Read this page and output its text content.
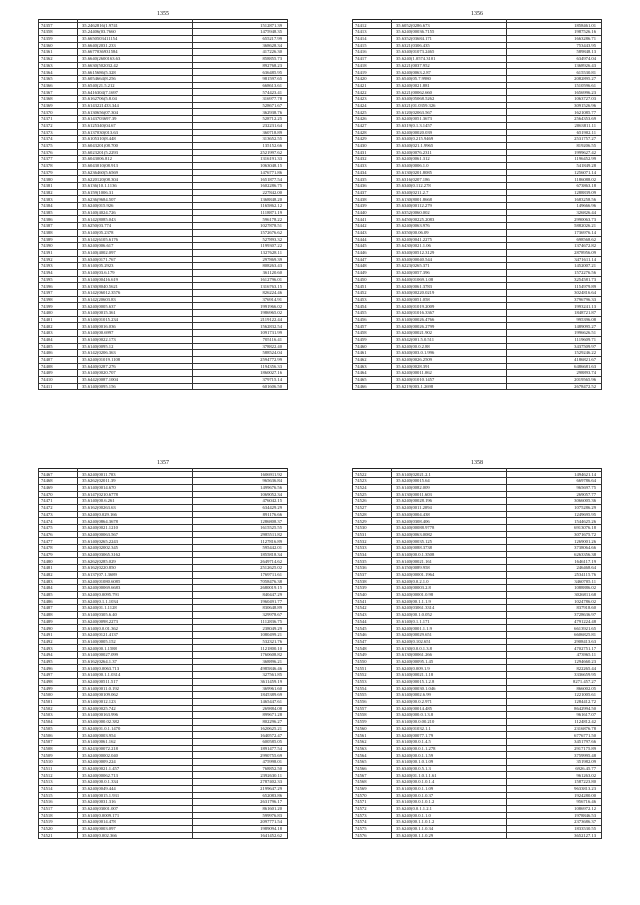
1355

74357	35.2462816(1.9741	1512871.39
74358	35.24406(03.7660	1475948.35
74359	35.6650503411154	655217.99
74360	35.6640(2031.233	368628.34
74361	35.6677036931584	417226.30
74362	35.6640(2600163.63	858855.73
74363	35.6630(502032.42	892768.23
74364	35.6615686(5.328	636485.95
74365	35.6054664(8.256	981597.65
74366	35.6540(21.5.212	668613.61
74367	35.6416304(7.1697	574423.41
74368	35.6162706(5.8.04	316977.78
74369	35.6143221433.344	528671.67
74370	35.6130656(07.304	362938.76
74371	35.6143703697.39	528712.25
74372	35.6125340(04.67	232231.64
74373	35.6137030(013.63	360718.89
74374	35.6105310(8.448	313652.55
74375	35.6043201(08.700	135152.66
74376	35.6023201(5.2293	2521997.62
74377	35.6043006.812	1316191.33
74378	35.6043010(08.913	1063048.15
74379	35.6236460(5.6569	1476771.86
74380	35.6220120(08.304	1651877.54
74381	35.6136(10.1.1136	1602286.75
74382	35.6159(1006.31	227842.00
74383	35.6236(9684.507	1368848.20
74384	35.6240(015.926	1165862.12
74385	35.6140(4024.726	1118871.19
74386	35.6142(8085.043	596178.22
74387	35.6250(03.774	1027878.51
74388	35.6140(05.2378	1572676.62
74389	35.6142(6105.6176	527893.32
74390	35.6240(006.617	1199307.22
74391	35.6140(4002.097	1327628.11
74392	35.6340(0171.767	297869.39
74393	35.6140(05.2923	808263.43
74394	35.6140(03.6.179	361120.60
74395	35.6140(00416.619	1612796.01
74396	35.6130(8040.5621	1316763.15
74397	35.6142(06012.3576	826224.46
74398	35.6142(20603.83	376914.91
74399	35.6240(0005.637	1991966.02
74400	35.6140(0015.361	1986965.02
74401	35.6140(01015.234	2119122.44
74402	35.6140(0016.036	1562832.54
74403	35.6140(00.6997	1091731.99
74404	35.6140(0022.173	705116.41
74405	35.6140(0095.12	378822.40
74406	35.6142(0206.363	588524.04
74407	35.6240(01019.1108	2594772.99
74408	35.6440(0287.276	1194356.33
74409	35.6140(0020.707	1860027.16
74410	35.6442(0087.1004	379715.14
74411	35.6140(0095.156	601606.50
1356

74412	35.6052(0286.673	1858461.01
74413	35.6240(00036.7155	1987526.16
74414	35.6352(03684.171	1663286.71
74415	35.6321(0306.435	753443.95
74416	35.6340(01073.2465	589848.13
74417	35.6240(1.0574.3101	634974.04
74418	35.6221(0037.952	1368926.43
74419	35.6240(0063.2.87	615530.81
74420	35.6540(05.7.9980	2082895.27
74421	35.6240(0021.881	1510596.61
74422	35.6221(00062.660	1656996.23
74423	35.6340(05068.5262	1063727.03
74424	35.6321(01.0359.326	3091526.96
74425	35.6120(02063.567	1621085.77
74426	35.6240(0051.3673	2564353.69
74427	35.6319(0.1.3.1457	2063811.11
74428	35.6240(00020.039	651902.11
74429	35.6340(0.215.9469	2531757.27
74430	35.6340(021.1.9965	819206.55
74431	35.6240(0076.2311	1999627.42
74432	35.6240(0061.312	1196452.99
74433	35.6340(0006.1.0	541849.28
74434	35.6130(0201.8085	1256071.14
74435	35.6316(0207.186	1186088.02
74436	35.6340(0.112.278	673863.18
74437	35.6340(0211.2.7	1288839.09
74438	35.6130(8001.8668	1683258.56
74439	35.6340(00112.279	149666.96
74440	35.6352(0060.002	326826.44
74441	35.6450(00225.2083	2990063.73
74442	35.6240(0063.976	5882026.21
74443	35.6350(00.06.09	1736976.14
74444	35.6240(0041.2275	698568.62
74445	35.6430(0021.1.06	1374672.82
74446	35.6340(00512.3129	2878956.09
74447	35.6340(00040.544	3471611.14
74448	35.6223(0265.371	1452007.21
74449	35.6240(0057.396	1572276.56
74450	35.6440(01069.1.08	3254581.73
74451	35.6240(0061.3783	1154979.89
74452	35.6340(00220.0219	3024816.64
74453	35.6240(0051.058	3796796.33
74454	35.6240(01019.2009	1993241.13
74455	35.6240(01016.3367	1848721.87
74456	35.6140(00026.4766	995396.08
74457	35.6240(00026.2799	1489095.27
74458	35.6240(00021.902	1996626.51
74459	35.6342(001.5.0.511	1119609.71
74460	35.6240(00.0.2.88	3437509.97
74461	35.6340(003.0.1.996	1529246.22
74462	35.6240(0026.2509	4186821.67
74463	35.6240(0028.391	6486681.63
74464	35.6240(00011.062	298893.74
74465	35.6240(01010.1457	2019565.96
74466	35.6219(003.1.2698	2678472.52
1357

74467	35.6240(0011.703	1606911.92
74468	35.6262(02011.39	965636.84
74469	35.6140(0014.670	1499676.56
74470	35.6147(0210.6778	1069052.34
74471	35.6140(00.6.261	476042.15
74472	35.6162(00263.63	634429.29
74473	35.6240(0.029.166	891176.66
74474	35.6240(0864.3678	1286808.37
74475	35.6240(0021.1210	1615525.55
74476	35.6240(00063.567	2985511.82
74477	35.6140(0265.2243	1127816.89
74478	35.6240(02002.345	595442.01
74479	35.6240(03065.3162	1855818.34
74480	35.6262(0285.029	2649714.62
74481	35.6162(0220.850	2512625.02
74482	35.6137(07.1.3689	1769711.61
74483	35.6240(01080.6085	7058476.38
74484	35.6240(00069.6683	2680019.15
74485	35.6240(0.0095.791	840447.29
74486	35.6240(0.1.1.1034	1960491.77
74487	35.6240(01.1.1128	830648.89
74488	35.6140(0305.6.40	329978.67
74489	35.6240(0098.2273	1112836.75
74490	35.6140(0.0.01.362	238049.29
74491	35.6240(0121.4137	1080499.21
74492	35.6140(0005.152	532321.76
74493	35.6240(00.1.1588	1121800.10
74494	35.6140(00027.099	1760608.82
74495	35.6162(0264.1.37	368896.21
74496	35.6140(0.0063.713	4985846.46
74497	35.6140(00.1.1.0314	327561.85
74498	35.6240(00511.517	3611459.19
74499	35.6140(0011.0.192	369961.60
74500	35.6240(00109.062	1845389.69
74501	35.6140(0012.123	1465447.61
74502	35.6240(0025.742	269884.08
74503	35.6140(00163.996	899671.28
74504	35.6340(000.02.382	802296.27
74505	35.6240(01.0.1.1470	1620625.21
74506	35.6240(0003.954	1640572.47
74507	35.6140(0061.162	600585.05
74508	35.6243(00072.218	1891477.54
74509	35.6240(00002.040	2990755.69
74510	35.6240(0009.224	475998.01
74511	35.6240(0021.1.457	768852.50
74512	35.6240(00062.713	2392630.11
74513	35.6240(00.0.1.334	2787402.33
74514	35.6240(0049.444	2199647.29
74515	35.6140(0015.1.931	652083.86
74516	35.6240(0031.316	2631796.17
74517	35.6240(03001.007	861601.20
74518	35.6140(0.0009.171	599976.83
74519	35.6240(0014.478	2097771.54
74520	35.6240(0003.097	1989094.18
74521	35.6240(0.002.366	1641452.62
1358

74522	35.6140(02021.2.1	1494621.14
74523	35.6240(00015.64	669786.64
74524	35.6140(0082.009	965697.75
74525	35.6130(00011.603	269057.77
74526	35.6240(00028.196	3066005.36
74527	35.6240(0011.2094	1075286.29
74528	35.6340(0004.438	1249695.95
74529	35.6240(0308.406	1544625.26
74530	35.6240(00088.9778	6913076.18
74531	35.6240(0063.0082	3071675.72
74532	35.6240(00035.125	1269001.26
74533	35.6240(0088.3738	3738064.66
74534	35.6140(00.0.1.3508	6263356.38
74535	35.6140(00021.161	1646117.19
74536	35.6150(0089.958	246468.64
74537	35.6240(00001.1964	2534115.76
74538	35.6240(0.0.2.1.0	3460705.11
74539	35.6240(00003.2.8	1088886.02
74540	35.6240(00001.0.98	3026811.68
74541	35.6240(00.1.1.1.9	1024786.02
74542	35.6240(03061.3314	837918.60
74543	35.6240(00.1.0.052	3728636.97
74544	35.6140(0.1.1.171	4791224.48
74545	35.6240(0001.1.1.9	6613921.65
74546	35.6240(00029.651	6606825.81
74547	35.6240(0.102.651	2908413.63
74548	35.6130(0.0.0.1.3.8	4702751.17
74549	35.6130(00061.266	473965.11
74550	35.6240(00095.1.45	1294660.23
74551	35.6240(0.009.1.9	822265.44
74552	35.6140(00021.1.18	3336659.95
74553	35.6240(00015.1.2.8	8271.457.27
74554	35.6240(00030.1.046	866002.05
74555	35.6140(0002.6.99	1221005.61
74556	35.6240(00.0.2.971	1284412.72
74557	35.6240(00014.485	8642994.50
74558	35.6240(000.0.1.3.8	961617.07
74559	35.6140(00.0.00.210	1124812.42
74560	35.6240(01032.1.1	2316876.78
74561	35.6240(00077.1.79	6776771.50
74562	35.6140(00.0.1.4.5	3451797.66
74563	35.6240(00.0.1.1.278	2917175.89
74564	35.6240(00.0.1.1.59	3759995.48
74565	35.6140(00.1.0.1.09	351982.09
74566	35.6340(00.0.5.1.3	6926.45.77
74567	35.6240(01.1.0.1.1.61	961263.02
74568	35.6240(00.0.1.0.1.4	1587223.80
74569	35.6140(00.0.1.1.09	9633813.23
74570	35.6240(00.0.1.0.37	1924280.00
74571	35.6140(00.0.1.0.1.2	956716.46
74572	35.6240(0.0.1.1.2.1	1086972.12
74573	35.6240(00.0.1.1.0	1978846.53
74574	35.6240(00.1.1.0.1.2	2373686.37
74575	35.6240(00.1.1.0.34	1833530.55
74576	35.6240(00.1.1.0.29	3652127.13
